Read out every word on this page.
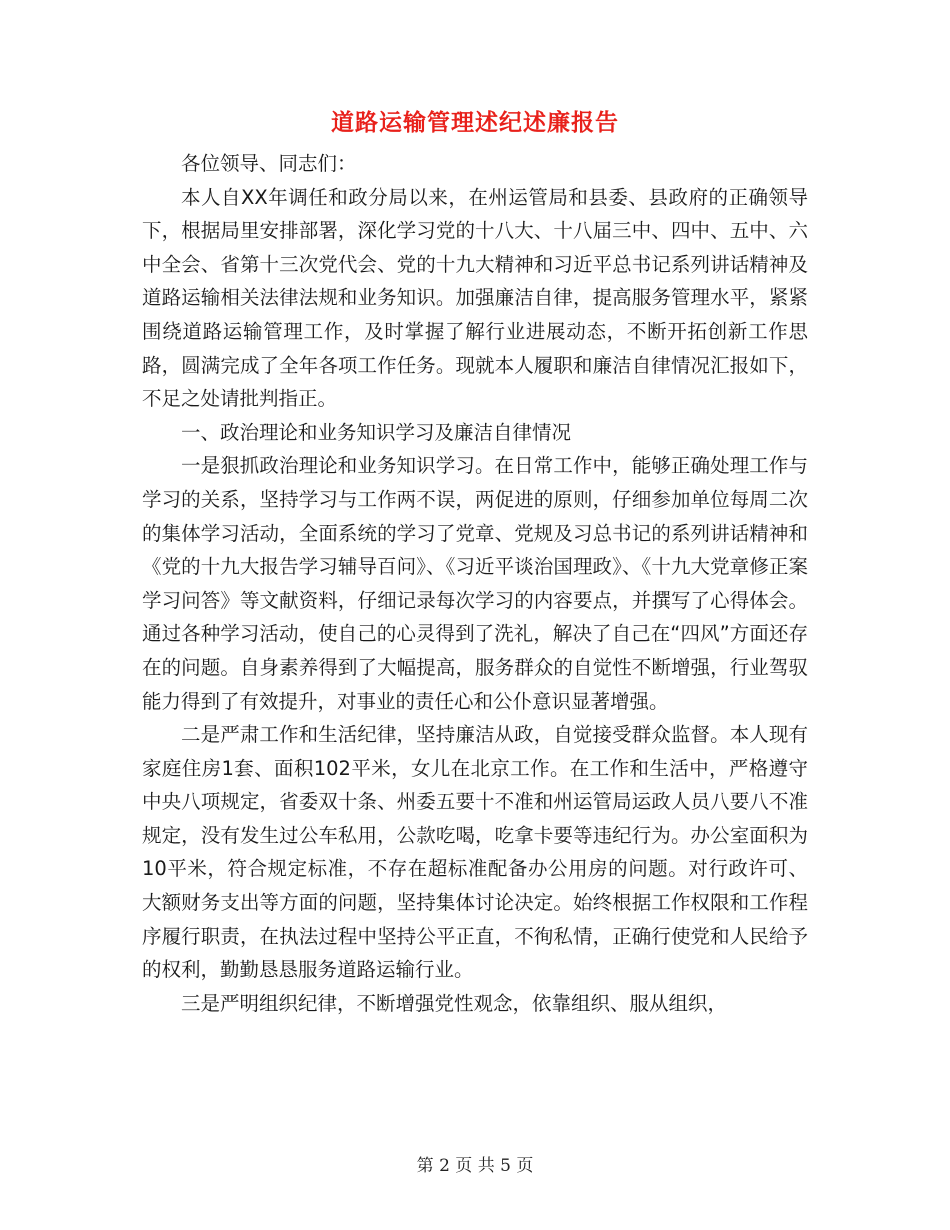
道路运输管理述纪述廉报告

各位领导、同志们：

本人自XX年调任和政分局以来，在州运管局和县委、县政府的正确领导下，根据局里安排部署，深化学习党的十八大、十八届三中、四中、五中、六中全会、省第十三次党代会、党的十九大精神和习近平总书记系列讲话精神及道路运输相关法律法规和业务知识。加强廉洁自律，提高服务管理水平，紧紧围绕道路运输管理工作，及时掌握了解行业进展动态，不断开拓创新工作思路，圆满完成了全年各项工作任务。现就本人履职和廉洁自律情况汇报如下，不足之处请批判指正。

一、政治理论和业务知识学习及廉洁自律情况

一是狠抓政治理论和业务知识学习。在日常工作中，能够正确处理工作与学习的关系，坚持学习与工作两不误，两促进的原则，仔细参加单位每周二次的集体学习活动，全面系统的学习了党章、党规及习总书记的系列讲话精神和《党的十九大报告学习辅导百问》、《习近平谈治国理政》、《十九大党章修正案学习问答》等文献资料，仔细记录每次学习的内容要点，并撰写了心得体会。通过各种学习活动，使自己的心灵得到了洗礼，解决了自己在“四风”方面还存在的问题。自身素养得到了大幅提高，服务群众的自觉性不断增强，行业驾驭能力得到了有效提升，对事业的责任心和公仆意识显著增强。

二是严肃工作和生活纪律，坚持廉洁从政，自觉接受群众监督。本人现有家庭住房1套、面积102平米，女儿在北京工作。在工作和生活中，严格遵守中央八项规定，省委双十条、州委五要十不准和州运管局运政人员八要八不准规定，没有发生过公车私用，公款吃喝，吃拿卡要等违纪行为。办公室面积为10平米，符合规定标准，不存在超标准配备办公用房的问题。对行政许可、大额财务支出等方面的问题，坚持集体讨论决定。始终根据工作权限和工作程序履行职责，在执法过程中坚持公平正直，不徇私情，正确行使党和人民给予的权利，勤勤恳恳服务道路运输行业。

三是严明组织纪律，不断增强党性观念，依靠组织、服从组织，

第 2 页 共 5 页
